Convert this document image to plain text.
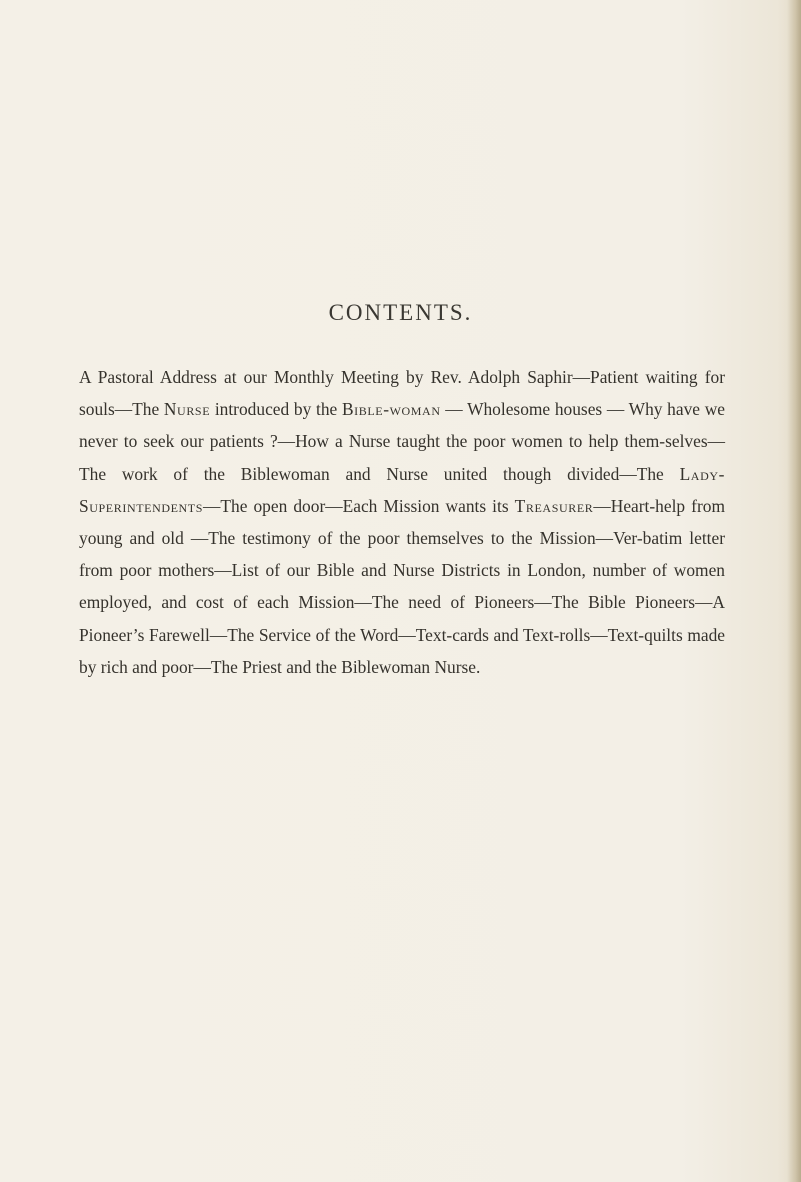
CONTENTS.
A Pastoral Address at our Monthly Meeting by Rev. Adolph Saphir—Patient waiting for souls—The Nurse introduced by the Bible-woman — Wholesome houses — Why have we never to seek our patients ?—How a Nurse taught the poor women to help them-selves—The work of the Biblewoman and Nurse united though divided—The Lady-Superintendents—The open door—Each Mission wants its Treasurer—Heart-help from young and old —The testimony of the poor themselves to the Mission—Ver-batim letter from poor mothers—List of our Bible and Nurse Districts in London, number of women employed, and cost of each Mission—The need of Pioneers—The Bible Pioneers—A Pioneer’s Farewell—The Service of the Word—Text-cards and Text-rolls—Text-quilts made by rich and poor—The Priest and the Biblewoman Nurse.
